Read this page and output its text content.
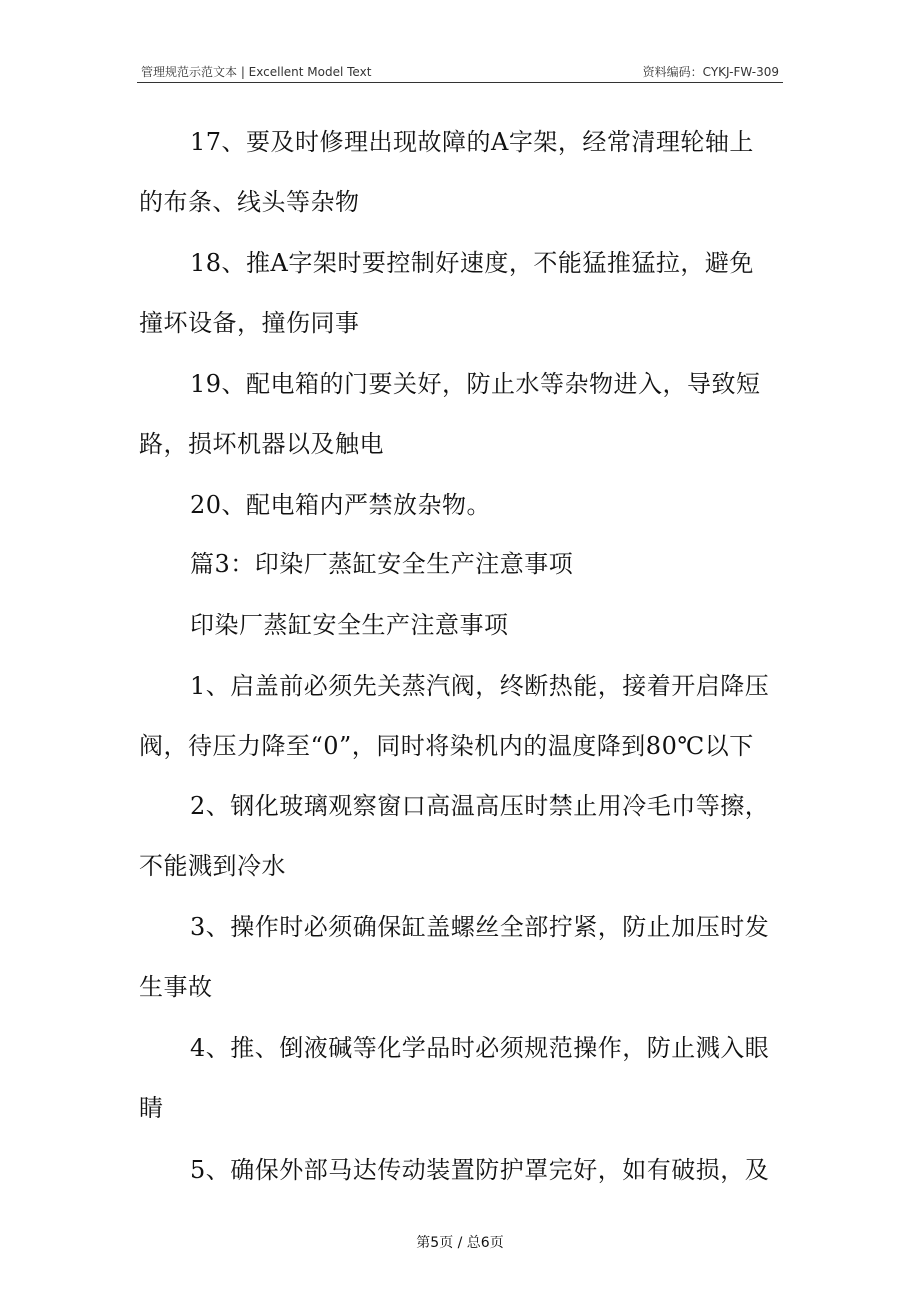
管理规范示范文本 | Excellent Model Text	资料编码：CYKJ-FW-309
17、要及时修理出现故障的A字架，经常清理轮轴上
的布条、线头等杂物
18、推A字架时要控制好速度，不能猛推猛拉，避免
撞坏设备，撞伤同事
19、配电箱的门要关好，防止水等杂物进入，导致短
路，损坏机器以及触电
20、配电箱内严禁放杂物。
篇3：印染厂蒸缸安全生产注意事项
印染厂蒸缸安全生产注意事项
1、启盖前必须先关蒸汽阀，终断热能，接着开启降压
阀，待压力降至“0”，同时将染机内的温度降到80℃以下
2、钢化玻璃观察窗口高温高压时禁止用冷毛巾等擦，
不能溅到冷水
3、操作时必须确保缸盖螺丝全部拧紧，防止加压时发
生事故
4、推、倒液碱等化学品时必须规范操作，防止溅入眼
睛
5、确保外部马达传动装置防护罩完好，如有破损，及
第5页 / 总6页
